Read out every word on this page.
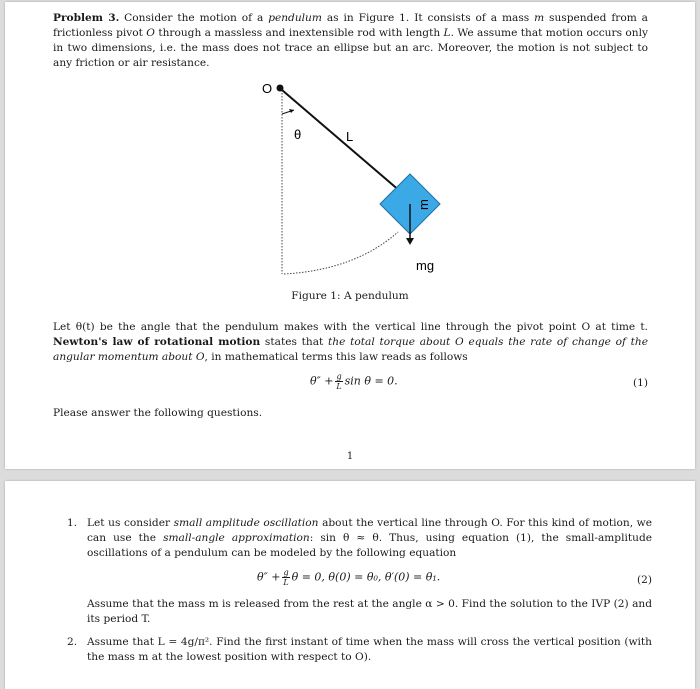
Problem 3. Consider the motion of a pendulum as in Figure 1. It consists of a mass m suspended from a frictionless pivot O through a massless and inextensible rod with length L. We assume that motion occurs only in two dimensions, i.e. the mass does not trace an ellipse but an arc. Moreover, the motion is not subject to any friction or air resistance.
O
θ	L
m
mg
Figure 1: A pendulum
Let θ(t) be the angle that the pendulum makes with the vertical line through the pivot point O at time t. Newton's law of rotational motion states that the total torque about O equals the rate of change of the angular momentum about O, in mathematical terms this law reads as follows
$\theta'' + \frac{g}{L}$ sin θ = 0.	(1)
Please answer the following questions.
1
1. Let us consider small amplitude oscillation about the vertical line through O. For this kind of motion, we can use the small-angle approximation: sin θ ≈ θ. Thus, using equation (1), the small-amplitude oscillations of a pendulum can be modeled by the following equation
$\theta'' + \frac{g}{L}$ θ = 0, θ(0) = θ₀, θ′(0) = θ₁.	(2)
Assume that the mass m is released from the rest at the angle α > 0. Find the solution to the IVP (2) and its period T.
2. Assume that L = 4g/π². Find the first instant of time when the mass will cross the vertical position (with the mass m at the lowest position with respect to O).
